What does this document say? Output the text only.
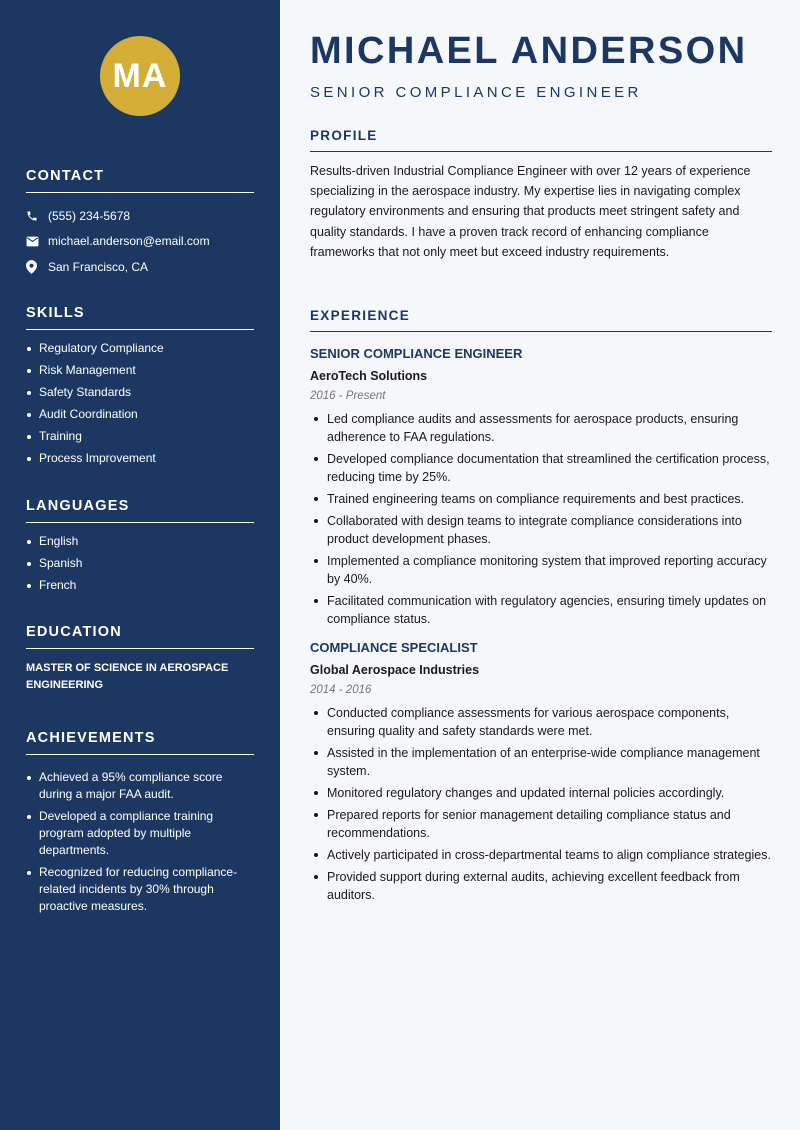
MA
CONTACT
(555) 234-5678
michael.anderson@email.com
San Francisco, CA
SKILLS
Regulatory Compliance
Risk Management
Safety Standards
Audit Coordination
Training
Process Improvement
LANGUAGES
English
Spanish
French
EDUCATION
MASTER OF SCIENCE IN AEROSPACE ENGINEERING
ACHIEVEMENTS
Achieved a 95% compliance score during a major FAA audit.
Developed a compliance training program adopted by multiple departments.
Recognized for reducing compliance-related incidents by 30% through proactive measures.
MICHAEL ANDERSON
SENIOR COMPLIANCE ENGINEER
PROFILE

Results-driven Industrial Compliance Engineer with over 12 years of experience specializing in the aerospace industry. My expertise lies in navigating complex regulatory environments and ensuring that products meet stringent safety and quality standards. I have a proven track record of enhancing compliance frameworks that not only meet but exceed industry requirements.

EXPERIENCE
SENIOR COMPLIANCE ENGINEER
AeroTech Solutions
2016 - Present
Led compliance audits and assessments for aerospace products, ensuring adherence to FAA regulations.
Developed compliance documentation that streamlined the certification process, reducing time by 25%.
Trained engineering teams on compliance requirements and best practices.
Collaborated with design teams to integrate compliance considerations into product development phases.
Implemented a compliance monitoring system that improved reporting accuracy by 40%.
Facilitated communication with regulatory agencies, ensuring timely updates on compliance status.
COMPLIANCE SPECIALIST
Global Aerospace Industries
2014 - 2016
Conducted compliance assessments for various aerospace components, ensuring quality and safety standards were met.
Assisted in the implementation of an enterprise-wide compliance management system.
Monitored regulatory changes and updated internal policies accordingly.
Prepared reports for senior management detailing compliance status and recommendations.
Actively participated in cross-departmental teams to align compliance strategies.
Provided support during external audits, achieving excellent feedback from auditors.
